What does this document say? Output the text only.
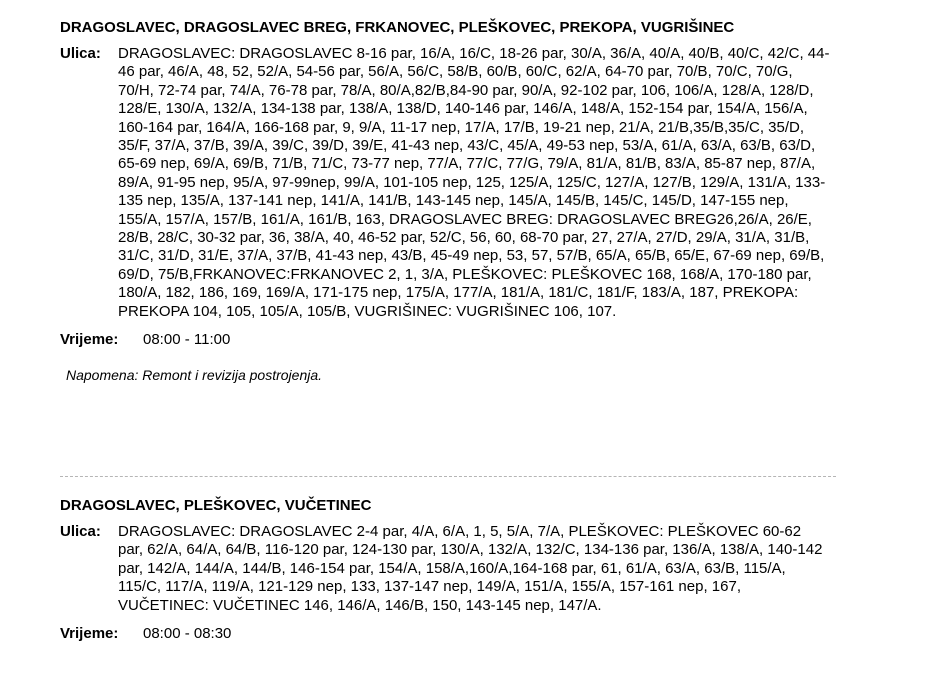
DRAGOSLAVEC, DRAGOSLAVEC BREG, FRKANOVEC, PLEŠKOVEC, PREKOPA, VUGRIŠINEC
Ulica:	DRAGOSLAVEC: DRAGOSLAVEC 8-16 par, 16/A, 16/C, 18-26 par, 30/A, 36/A, 40/A, 40/B, 40/C, 42/C, 44-46 par, 46/A, 48, 52, 52/A, 54-56 par, 56/A, 56/C, 58/B, 60/B, 60/C, 62/A, 64-70 par, 70/B, 70/C, 70/G, 70/H, 72-74 par, 74/A, 76-78 par, 78/A, 80/A,82/B,84-90 par, 90/A, 92-102 par, 106, 106/A, 128/A, 128/D, 128/E, 130/A, 132/A, 134-138 par, 138/A, 138/D, 140-146 par, 146/A, 148/A, 152-154 par, 154/A, 156/A, 160-164 par, 164/A, 166-168 par, 9, 9/A, 11-17 nep, 17/A, 17/B, 19-21 nep, 21/A, 21/B,35/B,35/C, 35/D, 35/F, 37/A, 37/B, 39/A, 39/C, 39/D, 39/E, 41-43 nep, 43/C, 45/A, 49-53 nep, 53/A, 61/A, 63/A, 63/B, 63/D, 65-69 nep, 69/A, 69/B, 71/B, 71/C, 73-77 nep, 77/A, 77/C, 77/G, 79/A, 81/A, 81/B, 83/A, 85-87 nep, 87/A, 89/A, 91-95 nep, 95/A, 97-99nep, 99/A, 101-105 nep, 125, 125/A, 125/C, 127/A, 127/B, 129/A, 131/A, 133-135 nep, 135/A, 137-141 nep, 141/A, 141/B, 143-145 nep, 145/A, 145/B, 145/C, 145/D, 147-155 nep, 155/A, 157/A, 157/B, 161/A, 161/B, 163, DRAGOSLAVEC BREG: DRAGOSLAVEC BREG26,26/A, 26/E, 28/B, 28/C, 30-32 par, 36, 38/A, 40, 46-52 par, 52/C, 56, 60, 68-70 par, 27, 27/A, 27/D, 29/A, 31/A, 31/B, 31/C, 31/D, 31/E, 37/A, 37/B, 41-43 nep, 43/B, 45-49 nep, 53, 57, 57/B, 65/A, 65/B, 65/E, 67-69 nep, 69/B, 69/D, 75/B,FRKANOVEC:FRKANOVEC 2, 1, 3/A, PLEŠKOVEC: PLEŠKOVEC 168, 168/A, 170-180 par, 180/A, 182, 186, 169, 169/A, 171-175 nep, 175/A, 177/A, 181/A, 181/C, 181/F, 183/A, 187, PREKOPA: PREKOPA 104, 105, 105/A, 105/B, VUGRIŠINEC: VUGRIŠINEC 106, 107.
Vrijeme:	08:00 - 11:00
Napomena: Remont i revizija postrojenja.
DRAGOSLAVEC, PLEŠKOVEC, VUČETINEC
Ulica:	DRAGOSLAVEC: DRAGOSLAVEC 2-4 par, 4/A, 6/A, 1, 5, 5/A, 7/A, PLEŠKOVEC: PLEŠKOVEC 60-62 par, 62/A, 64/A, 64/B, 116-120 par, 124-130 par, 130/A, 132/A, 132/C, 134-136 par, 136/A, 138/A, 140-142 par, 142/A, 144/A, 144/B, 146-154 par, 154/A, 158/A,160/A,164-168 par, 61, 61/A, 63/A, 63/B, 115/A, 115/C, 117/A, 119/A, 121-129 nep, 133, 137-147 nep, 149/A, 151/A, 155/A, 157-161 nep, 167, VUČETINEC: VUČETINEC 146, 146/A, 146/B, 150, 143-145 nep, 147/A.
Vrijeme:	08:00 - 08:30
